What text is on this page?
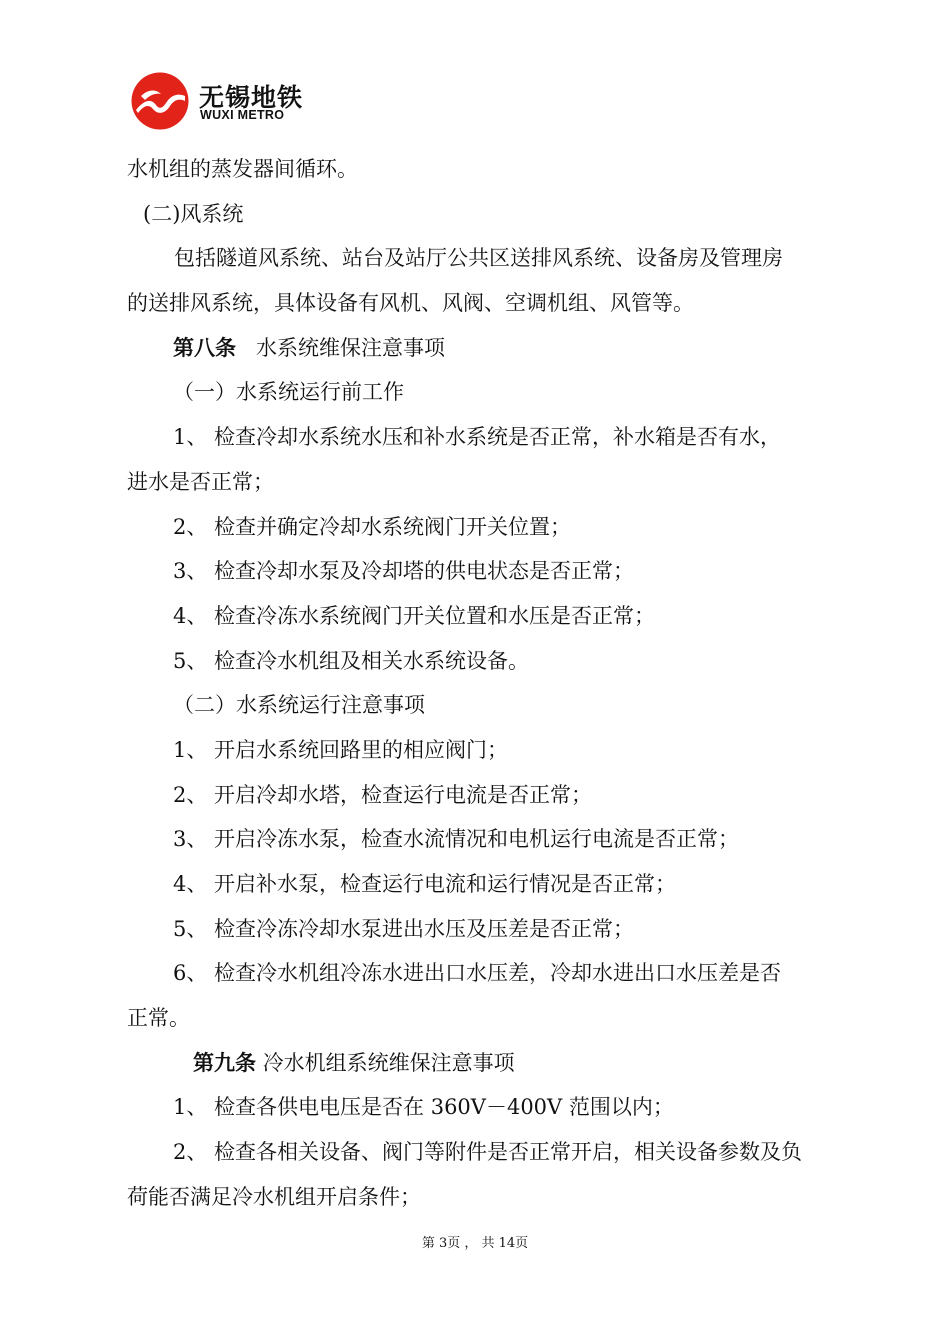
无锡地铁
WUXI METRO
水机组的蒸发器间循环。
(二)风系统
包括隧道风系统、站台及站厅公共区送排风系统、设备房及管理房
的送排风系统，具体设备有风机、风阀、空调机组、风管等。
第八条 水系统维保注意事项
（一）水系统运行前工作
1、 检查冷却水系统水压和补水系统是否正常，补水箱是否有水，
进水是否正常；
2、 检查并确定冷却水系统阀门开关位置；
3、 检查冷却水泵及冷却塔的供电状态是否正常；
4、 检查冷冻水系统阀门开关位置和水压是否正常；
5、 检查冷水机组及相关水系统设备。
（二）水系统运行注意事项
1、 开启水系统回路里的相应阀门；
2、 开启冷却水塔，检查运行电流是否正常；
3、 开启冷冻水泵，检查水流情况和电机运行电流是否正常；
4、 开启补水泵，检查运行电流和运行情况是否正常；
5、 检查冷冻冷却水泵进出水压及压差是否正常；
6、 检查冷水机组冷冻水进出口水压差，冷却水进出口水压差是否
正常。
第九条 冷水机组系统维保注意事项
1、 检查各供电电压是否在 360V－400V 范围以内；
2、 检查各相关设备、阀门等附件是否正常开启，相关设备参数及负
荷能否满足冷水机组开启条件；
第 3页 ， 共 14页
